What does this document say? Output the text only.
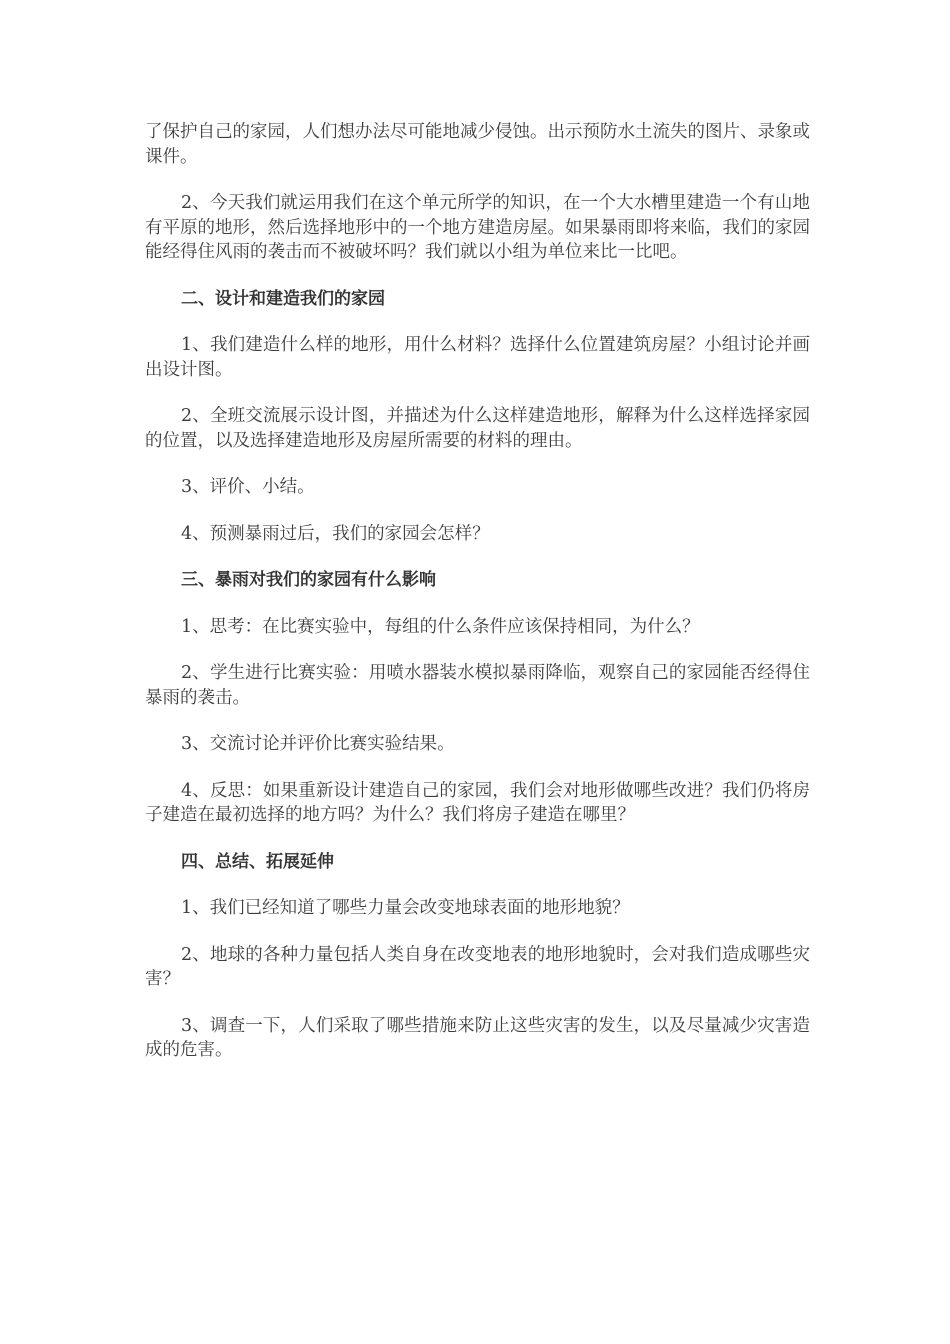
了保护自己的家园，人们想办法尽可能地减少侵蚀。出示预防水土流失的图片、录象或课件。

2、今天我们就运用我们在这个单元所学的知识，在一个大水槽里建造一个有山地有平原的地形，然后选择地形中的一个地方建造房屋。如果暴雨即将来临，我们的家园能经得住风雨的袭击而不被破坏吗？我们就以小组为单位来比一比吧。

二、设计和建造我们的家园

1、我们建造什么样的地形，用什么材料？选择什么位置建筑房屋？小组讨论并画出设计图。

2、全班交流展示设计图，并描述为什么这样建造地形，解释为什么这样选择家园的位置，以及选择建造地形及房屋所需要的材料的理由。

3、评价、小结。

4、预测暴雨过后，我们的家园会怎样？

三、暴雨对我们的家园有什么影响

1、思考：在比赛实验中，每组的什么条件应该保持相同，为什么？

2、学生进行比赛实验：用喷水器装水模拟暴雨降临，观察自己的家园能否经得住暴雨的袭击。

3、交流讨论并评价比赛实验结果。

4、反思：如果重新设计建造自己的家园，我们会对地形做哪些改进？我们仍将房子建造在最初选择的地方吗？为什么？我们将房子建造在哪里？

四、总结、拓展延伸

1、我们已经知道了哪些力量会改变地球表面的地形地貌？

2、地球的各种力量包括人类自身在改变地表的地形地貌时，会对我们造成哪些灾害？

3、调查一下，人们采取了哪些措施来防止这些灾害的发生，以及尽量减少灾害造成的危害。
